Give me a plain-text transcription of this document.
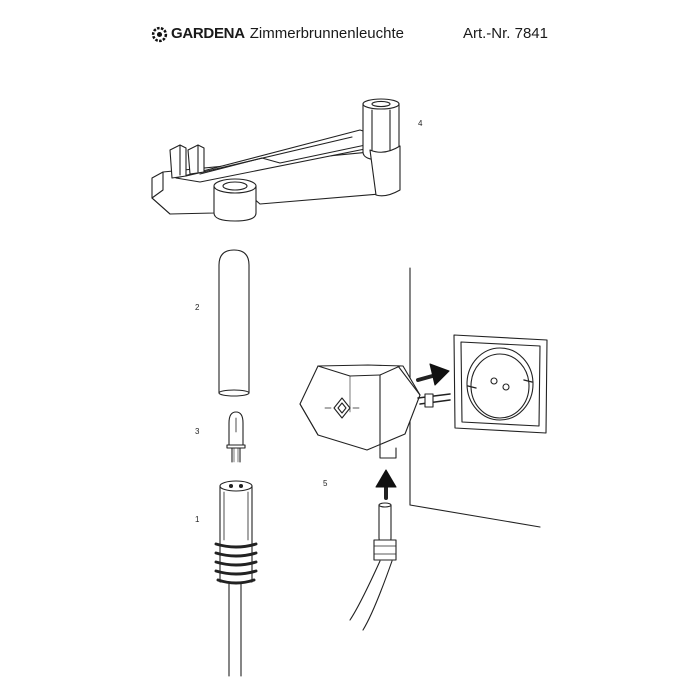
GARDENA Zimmerbrunnenleuchte	Art.-Nr. 7841
2
3
1
4
5
